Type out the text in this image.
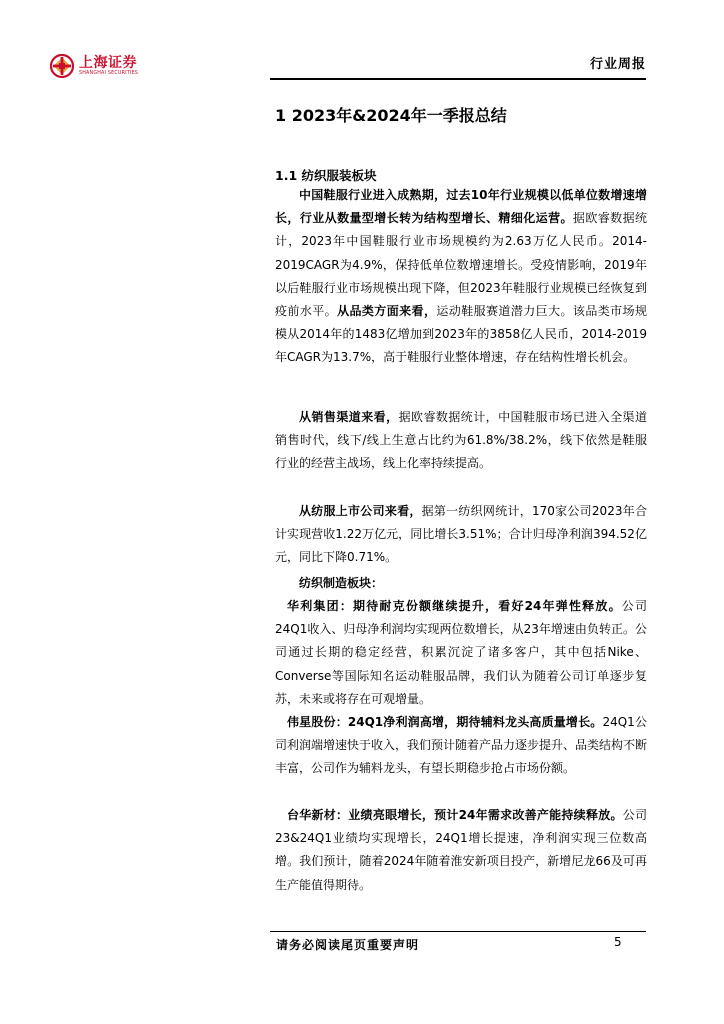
上海证券
SHANGHAI SECURITIES
行业周报
1 2023年&2024年一季报总结
1.1 纺织服装板块

中国鞋服行业进入成熟期，过去10年行业规模以低单位数增速增长，行业从数量型增长转为结构型增长、精细化运营。据欧睿数据统计，2023年中国鞋服行业市场规模约为2.63万亿人民币。2014-2019CAGR为4.9%，保持低单位数增速增长。受疫情影响，2019年以后鞋服行业市场规模出现下降，但2023年鞋服行业规模已经恢复到疫前水平。从品类方面来看，运动鞋服赛道潜力巨大。该品类市场规模从2014年的1483亿增加到2023年的3858亿人民币，2014-2019年CAGR为13.7%，高于鞋服行业整体增速，存在结构性增长机会。

从销售渠道来看，据欧睿数据统计，中国鞋服市场已进入全渠道销售时代，线下/线上生意占比约为61.8%/38.2%，线下依然是鞋服行业的经营主战场，线上化率持续提高。

从纺服上市公司来看，据第一纺织网统计，170家公司2023年合计实现营收1.22万亿元，同比增长3.51%；合计归母净利润394.52亿元，同比下降0.71%。

纺织制造板块：

华利集团：期待耐克份额继续提升，看好24年弹性释放。公司24Q1收入、归母净利润均实现两位数增长，从23年增速由负转正。公司通过长期的稳定经营，积累沉淀了诸多客户，其中包括Nike、Converse等国际知名运动鞋服品牌，我们认为随着公司订单逐步复苏，未来或将存在可观增量。

伟星股份：24Q1净利润高增，期待辅料龙头高质量增长。24Q1公司利润端增速快于收入，我们预计随着产品力逐步提升、品类结构不断丰富，公司作为辅料龙头，有望长期稳步抢占市场份额。

台华新材：业绩亮眼增长，预计24年需求改善产能持续释放。公司23&24Q1业绩均实现增长，24Q1增长提速，净利润实现三位数高增。我们预计，随着2024年随着淮安新项目投产，新增尼龙66及可再生产能值得期待。

请务必阅读尾页重要声明	5
